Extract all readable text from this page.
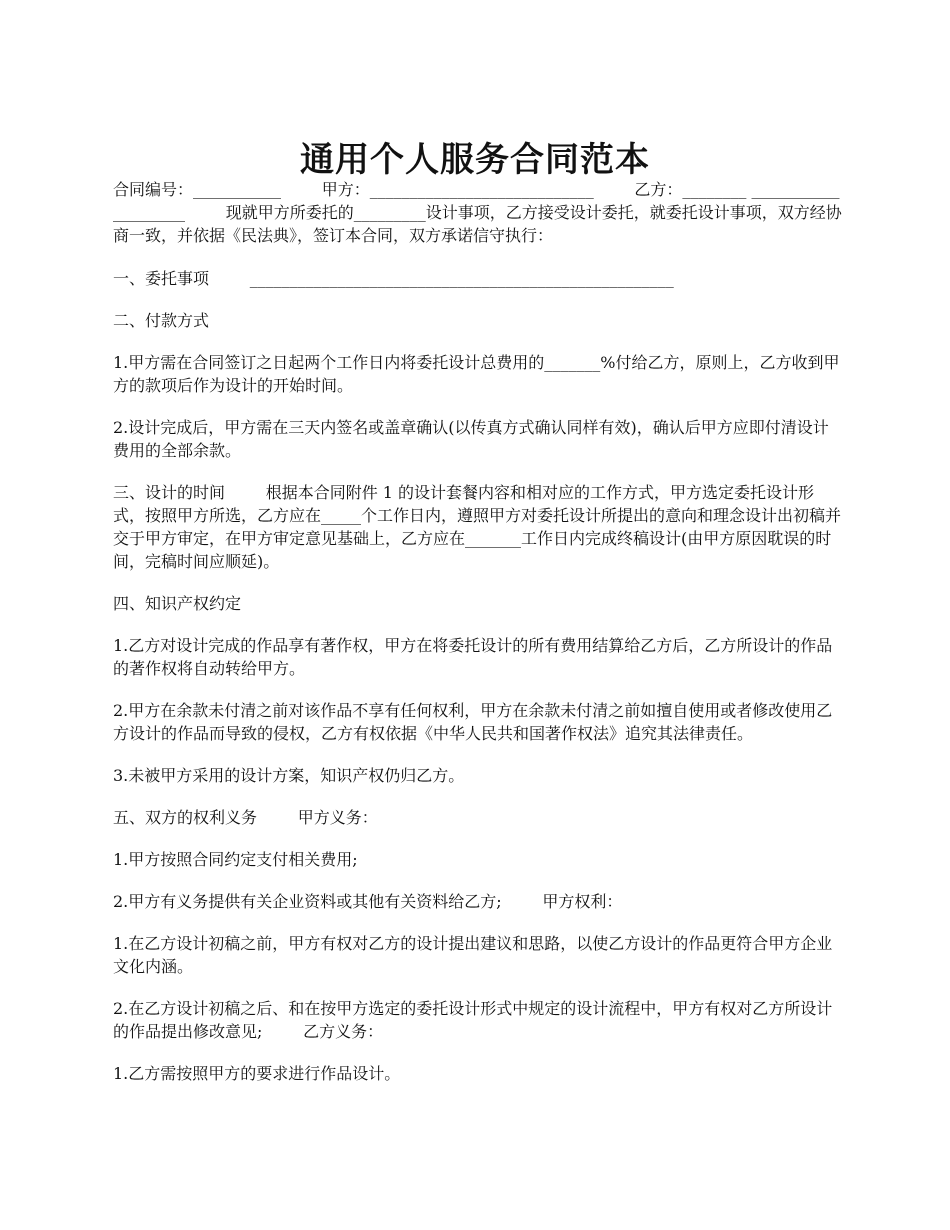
通用个人服务合同范本

合同编号：___________        甲方：____________________________        乙方：________ ____________________        现就甲方所委托的_________设计事项，乙方接受设计委托，就委托设计事项，双方经协商一致，并依据《民法典》，签订本合同，双方承诺信守执行：

一、委托事项        _____________________________________________________

二、付款方式

1.甲方需在合同签订之日起两个工作日内将委托设计总费用的_______%付给乙方，原则上，乙方收到甲方的款项后作为设计的开始时间。

2.设计完成后，甲方需在三天内签名或盖章确认(以传真方式确认同样有效)，确认后甲方应即付清设计费用的全部余款。

三、设计的时间        根据本合同附件 1 的设计套餐内容和相对应的工作方式，甲方选定委托设计形式，按照甲方所选，乙方应在_____个工作日内，遵照甲方对委托设计所提出的意向和理念设计出初稿并交于甲方审定，在甲方审定意见基础上，乙方应在_______工作日内完成终稿设计(由甲方原因耽误的时间，完稿时间应顺延)。

四、知识产权约定

1.乙方对设计完成的作品享有著作权，甲方在将委托设计的所有费用结算给乙方后，乙方所设计的作品的著作权将自动转给甲方。

2.甲方在余款未付清之前对该作品不享有任何权利，甲方在余款未付清之前如擅自使用或者修改使用乙方设计的作品而导致的侵权，乙方有权依据《中华人民共和国著作权法》追究其法律责任。

3.未被甲方采用的设计方案，知识产权仍归乙方。

五、双方的权利义务        甲方义务：

1.甲方按照合同约定支付相关费用;

2.甲方有义务提供有关企业资料或其他有关资料给乙方;        甲方权利：

1.在乙方设计初稿之前，甲方有权对乙方的设计提出建议和思路，以使乙方设计的作品更符合甲方企业文化内涵。

2.在乙方设计初稿之后、和在按甲方选定的委托设计形式中规定的设计流程中，甲方有权对乙方所设计的作品提出修改意见;        乙方义务：

1.乙方需按照甲方的要求进行作品设计。
